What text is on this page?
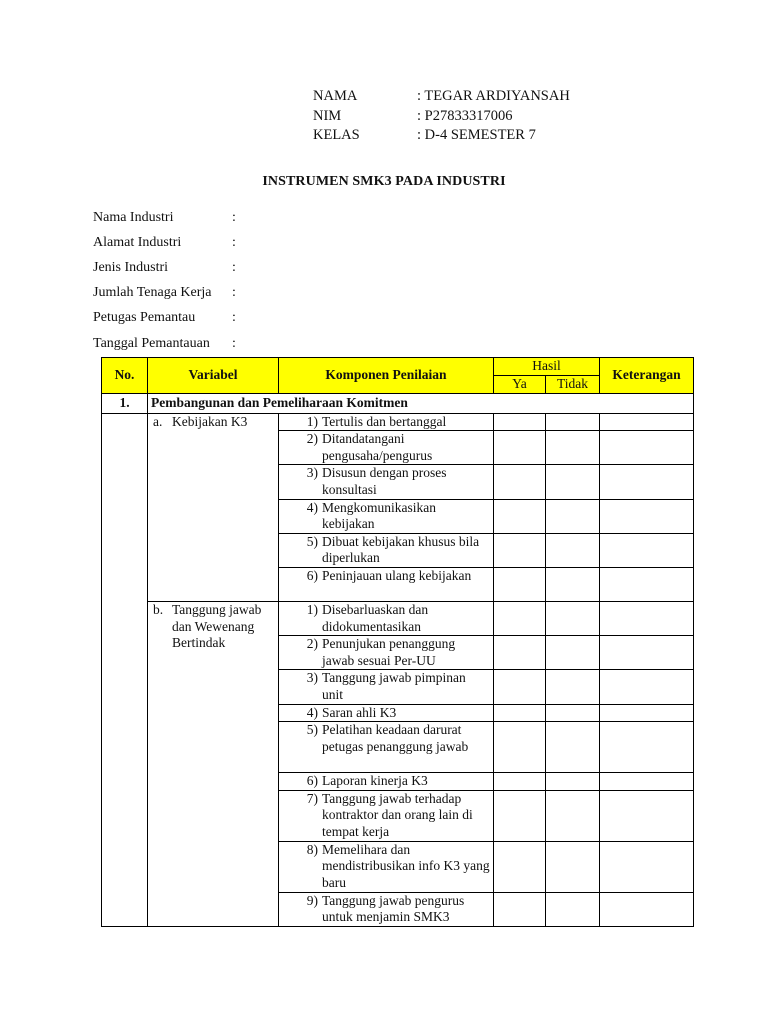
NAMA	: TEGAR ARDIYANSAH
NIM	: P27833317006
KELAS	: D-4 SEMESTER 7
INSTRUMEN SMK3 PADA INDUSTRI
Nama Industri	:
Alamat Industri	:
Jenis Industri	:
Jumlah Tenaga Kerja	:
Petugas Pemantau	:
Tanggal Pemantauan	:
No.	Variabel	Komponen Penilaian	Hasil		Keterangan
			Ya	Tidak	
1.	Pembangunan dan Pemeliharaan Komitmen				

	a. Kebijakan K3	1) Tertulis dan bertanggal			

		2) Ditandatangani pengusaha/pengurus			

		3) Disusun dengan proses konsultasi			

		4) Mengkomunikasikan kebijakan			

		5) Dibuat kebijakan khusus bila diperlukan			

		6) Peninjauan ulang kebijakan			

	b. Tanggung jawab dan Wewenang Bertindak	1) Disebarluaskan dan didokumentasikan			

		2) Penunjukan penanggung jawab sesuai Per-UU			

		3) Tanggung jawab pimpinan unit			

		4) Saran ahli K3			

		5) Pelatihan keadaan darurat petugas penanggung jawab			

		6) Laporan kinerja K3			

		7) Tanggung jawab terhadap kontraktor dan orang lain di tempat kerja			

		8) Memelihara dan mendistribusikan info K3 yang baru			

		9) Tanggung jawab pengurus untuk menjamin SMK3			
